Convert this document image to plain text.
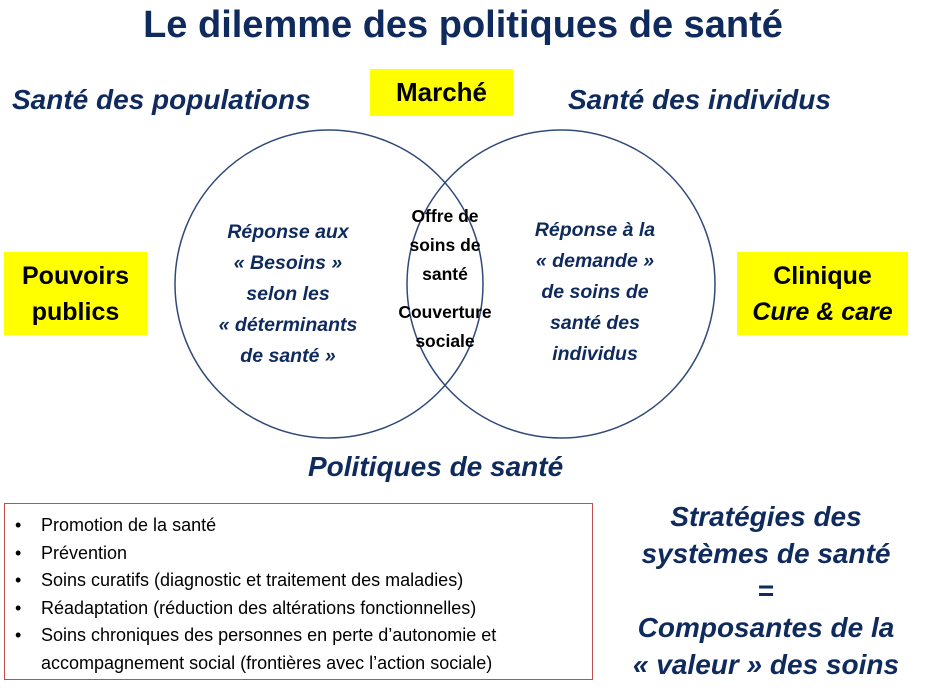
Le dilemme des politiques de santé
Santé des populations	Santé des individus
Marché
Pouvoirs
publics
Clinique
Cure & care
Réponse aux
« Besoins »
selon les
« déterminants
de santé »
Réponse à la
« demande »
de soins de
santé des
individus
Offre de
soins de
santé
Couverture
sociale
Politiques de santé
• Promotion de la santé
• Prévention
• Soins curatifs (diagnostic et traitement des maladies)
• Réadaptation (réduction des altérations fonctionnelles)
• Soins chroniques des personnes en perte d’autonomie et accompagnement social (frontières avec l’action sociale)
Stratégies des
systèmes de santé
=
Composantes de la
« valeur » des soins
